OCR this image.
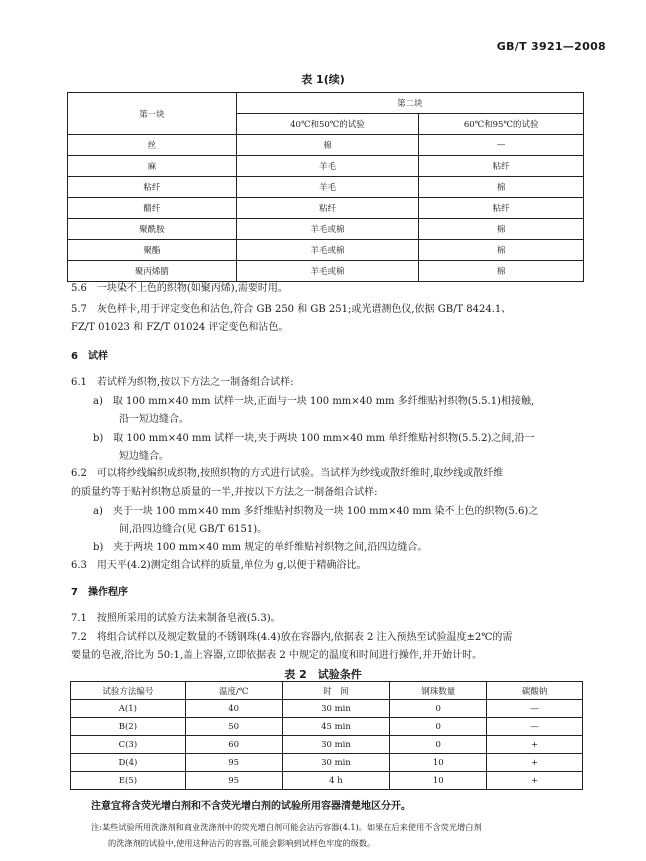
GB/T 3921—2008
表 1(续)
第一块	第二块	
	40℃和50℃的试验	60℃和95℃的试验
丝	棉	—
麻	羊毛	粘纤
粘纤	羊毛	棉
醋纤	粘纤	粘纤
聚酰胺	羊毛或棉	棉
聚酯	羊毛或棉	棉
聚丙烯腈	羊毛或棉	棉
5.6　一块染不上色的织物(如聚丙烯),需要时用。
5.7　灰色样卡,用于评定变色和沾色,符合 GB 250 和 GB 251;或光谱测色仪,依据 GB/T 8424.1、
FZ/T 01023 和 FZ/T 01024 评定变色和沾色。
6　试样
6.1　若试样为织物,按以下方法之一制备组合试样:
a)　取 100 mm×40 mm 试样一块,正面与一块 100 mm×40 mm 多纤维贴衬织物(5.5.1)相接触,
沿一短边缝合。
b)　取 100 mm×40 mm 试样一块,夹于两块 100 mm×40 mm 单纤维贴衬织物(5.5.2)之间,沿一
短边缝合。
6.2　可以将纱线编织成织物,按照织物的方式进行试验。当试样为纱线或散纤维时,取纱线或散纤维
的质量约等于贴衬织物总质量的一半,并按以下方法之一制备组合试样:
a)　夹于一块 100 mm×40 mm 多纤维贴衬织物及一块 100 mm×40 mm 染不上色的织物(5.6)之
间,沿四边缝合(见 GB/T 6151)。
b)　夹于两块 100 mm×40 mm 规定的单纤维贴衬织物之间,沿四边缝合。
6.3　用天平(4.2)测定组合试样的质量,单位为 g,以便于精确浴比。
7　操作程序
7.1　按照所采用的试验方法来制备皂液(5.3)。
7.2　将组合试样以及规定数量的不锈钢珠(4.4)放在容器内,依据表 2 注入预热至试验温度±2℃的需
要量的皂液,浴比为 50:1,盖上容器,立即依据表 2 中规定的温度和时间进行操作,并开始计时。
表 2　试验条件
试验方法编号	温度/℃	时　间	钢珠数量	碳酸钠
A(1)	40	30 min	0	—
B(2)	50	45 min	0	—
C(3)	60	30 min	0	+
D(4)	95	30 min	10	+
E(5)	95	4 h	10	+
注意宜将含荧光增白剂和不含荧光增白剂的试验所用容器清楚地区分开。
注:某些试验所用洗涤剂和商业洗涤剂中的荧光增白剂可能会沾污容器(4.1)。如果在后来使用不含荧光增白剂
的洗涤剂的试验中,使用这种沾污的容器,可能会影响到试样色牢度的级数。
